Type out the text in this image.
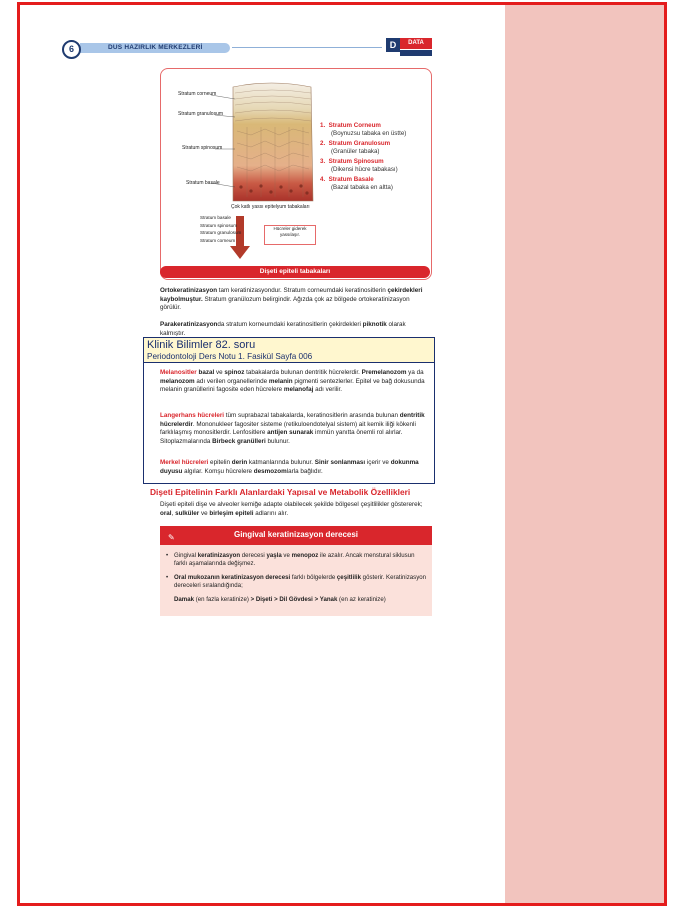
6	DUS HAZIRLIK MERKEZLERİ	D	DATA
Stratum corneum
Stratum granulosum
Stratum spinosum
Stratum basale
Çok katlı yassı epitelyum tabakaları
1. Stratum Corneum
(Boynuzsu tabaka en üstte)
2. Stratum Granulosum
(Granüler tabaka)
3. Stratum Spinosum
(Dikensi hücre tabakası)
4. Stratum Basale
(Bazal tabaka en altta)
Stratum basale
Stratum spinosum
Stratum granulosum
Stratum corneum
Hücreler giderek yassılaşır.
Dişeti epiteli tabakaları
Ortokeratinizasyon tam keratinizasyondur. Stratum corneumdaki keratinositlerin çekirdekleri kaybolmuştur. Stratum granülozum belirgindir. Ağızda çok az bölgede ortokeratinizasyon görülür.
Parakeratinizasyonda stratum korneumdaki keratinositlerin çekirdekleri piknotik olarak kalmıştır.
Klinik Bilimler 82. soru
Periodontoloji Ders Notu 1. Fasikül Sayfa 006
Melanositler bazal ve spinoz tabakalarda bulunan dentritik hücrelerdir. Premelanozom ya da melanozom adı verilen organellerinde melanin pigmenti sentezlerler. Epitel ve bağ dokusunda melanin granüllerini fagosite eden hücrelere melanofaj adı verilir.
Langerhans hücreleri tüm suprabazal tabakalarda, keratinositlerin arasında bulunan dentritik hücrelerdir. Mononukleer fagositer sisteme (retikuloendotelyal sistem) ait kemik iliği kökenli farklılaşmış monositlerdir. Lenfositlere antijen sunarak immün yanıtta önemli rol alırlar. Sitoplazmalarında Birbeck granülleri bulunur.
Merkel hücreleri epitelin derin katmanlarında bulunur. Sinir sonlanması içerir ve dokunma duyusu algılar. Komşu hücrelere desmozomlarla bağlıdır.
Dişeti Epitelinin Farklı Alanlardaki Yapısal ve Metabolik Özellikleri
Dişeti epiteli dişe ve alveoler kemiğe adapte olabilecek şekilde bölgesel çeşitlilikler göstererek; oral, sulküler ve birleşim epiteli adlarını alır.
✎	Gingival keratinizasyon derecesi
• Gingival keratinizasyon derecesi yaşla ve menopoz ile azalır. Ancak menstural siklusun farklı aşamalarında değişmez.
• Oral mukozanın keratinizasyon derecesi farklı bölgelerde çeşitlilik gösterir. Keratinizasyon dereceleri sıralandığında;
Damak (en fazla keratinize) > Dişeti > Dil Gövdesi > Yanak (en az keratinize)
